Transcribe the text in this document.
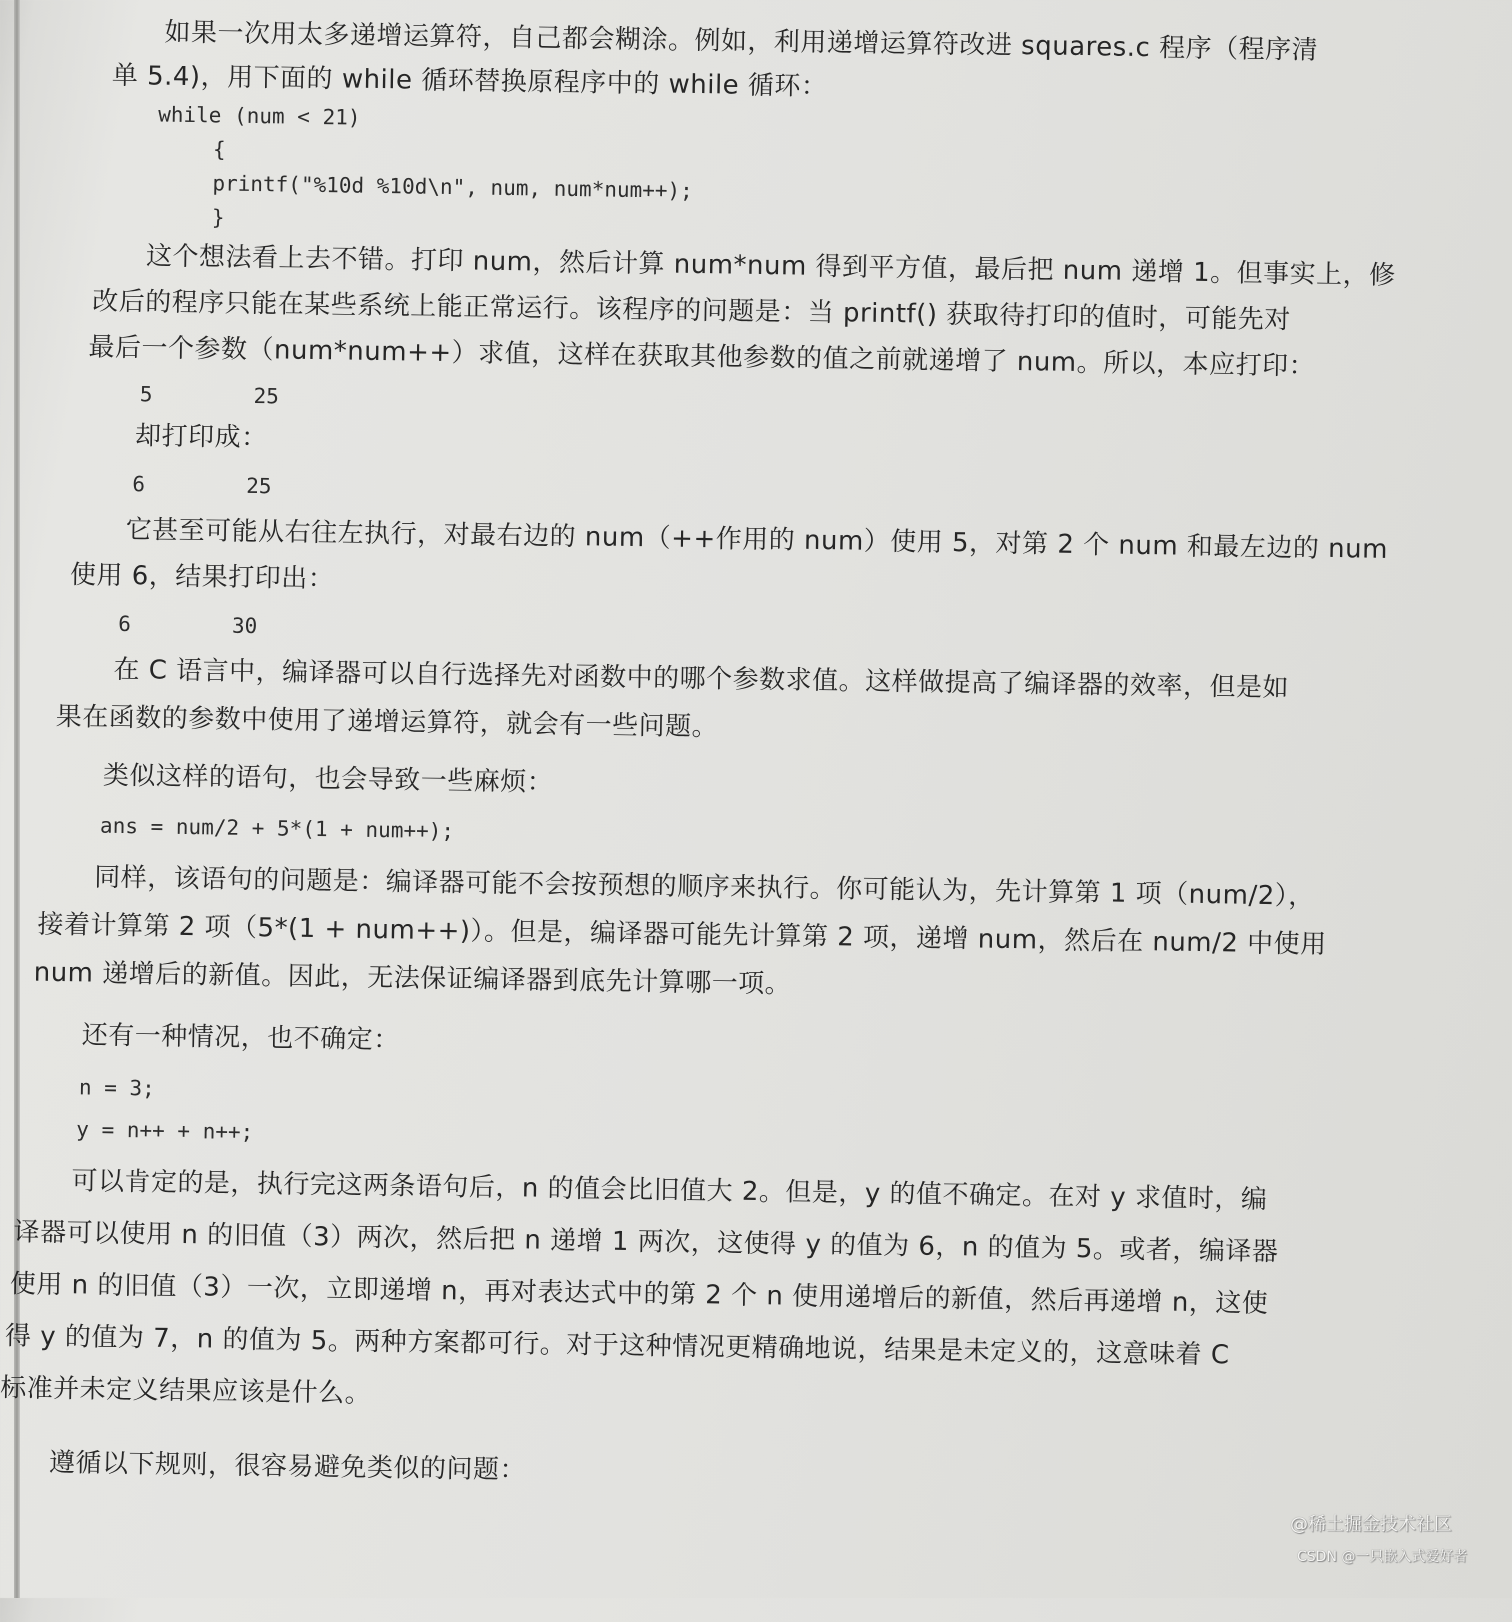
如果一次用太多递增运算符，自己都会糊涂。例如，利用递增运算符改进 squares.c 程序（程序清
单 5.4)，用下面的 while 循环替换原程序中的 while 循环：
while (num < 21)
{
printf("%10d %10d\n", num, num*num++);
}
这个想法看上去不错。打印 num，然后计算 num*num 得到平方值，最后把 num 递增 1。但事实上，修
改后的程序只能在某些系统上能正常运行。该程序的问题是：当 printf() 获取待打印的值时，可能先对
最后一个参数（num*num++）求值，这样在获取其他参数的值之前就递增了 num。所以，本应打印：
5        25
却打印成：
6        25
它甚至可能从右往左执行，对最右边的 num（++作用的 num）使用 5，对第 2 个 num 和最左边的 num
使用 6，结果打印出：
6        30
在 C 语言中，编译器可以自行选择先对函数中的哪个参数求值。这样做提高了编译器的效率，但是如
果在函数的参数中使用了递增运算符，就会有一些问题。
类似这样的语句，也会导致一些麻烦：
ans = num/2 + 5*(1 + num++);
同样，该语句的问题是：编译器可能不会按预想的顺序来执行。你可能认为，先计算第 1 项（num/2），
接着计算第 2 项（5*(1 + num++)）。但是，编译器可能先计算第 2 项，递增 num，然后在 num/2 中使用
num 递增后的新值。因此，无法保证编译器到底先计算哪一项。
还有一种情况，也不确定：
n = 3;
y = n++ + n++;
可以肯定的是，执行完这两条语句后，n 的值会比旧值大 2。但是，y 的值不确定。在对 y 求值时，编
译器可以使用 n 的旧值（3）两次，然后把 n 递增 1 两次，这使得 y 的值为 6，n 的值为 5。或者，编译器
使用 n 的旧值（3）一次，立即递增 n，再对表达式中的第 2 个 n 使用递增后的新值，然后再递增 n，这使
得 y 的值为 7，n 的值为 5。两种方案都可行。对于这种情况更精确地说，结果是未定义的，这意味着 C
标准并未定义结果应该是什么。
遵循以下规则，很容易避免类似的问题：
@稀土掘金技术社区
CSDN @一只嵌入式爱好者
